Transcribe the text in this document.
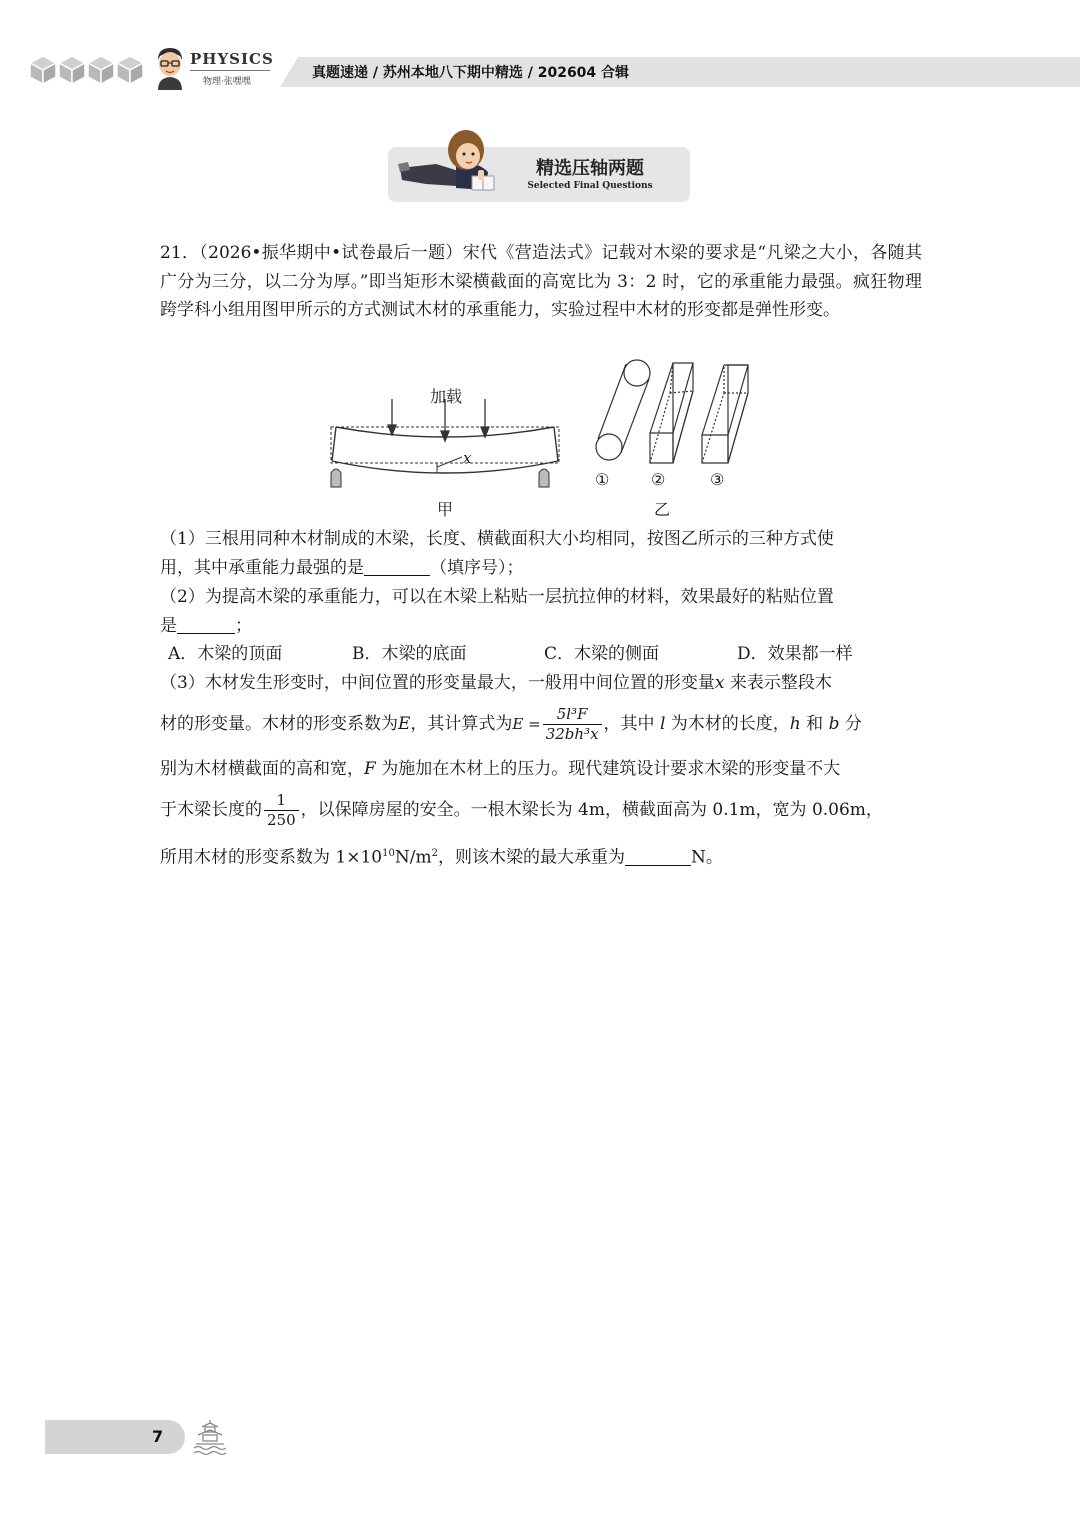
PHYSICS
物理·张嘿嘿
真题速递 / 苏州本地八下期中精选 / 202604 合辑
精选压轴两题
Selected Final Questions

21．（2026•振华期中•试卷最后一题）宋代《营造法式》记载对木梁的要求是“凡梁之大小，各随其广分为三分，以二分为厚。”即当矩形木梁横截面的高宽比为 3：2 时，它的承重能力最强。疯狂物理跨学科小组用图甲所示的方式测试木材的承重能力，实验过程中木材的形变都是弹性形变。

加载
x
①	②	③
甲	乙
（1）三根用同种木材制成的木梁，长度、横截面积大小均相同，按图乙所示的三种方式使
用，其中承重能力最强的是	（填序号）；
（2）为提高木梁的承重能力，可以在木梁上粘贴一层抗拉伸的材料，效果最好的粘贴位置
是	；
A．木梁的顶面	B．木梁的底面	C．木梁的侧面	D．效果都一样
（3）木材发生形变时，中间位置的形变量最大，一般用中间位置的形变量x 来表示整段木
材的形变量。木材的形变系数为E，其计算式为$E = \frac{\text{5l³F}}{\text{32bh³x}}$ ，其中 l 为木材的长度，h 和 b 分
别为木材横截面的高和宽，F 为施加在木材上的压力。现代建筑设计要求木梁的形变量不大
于木梁长度的 $\frac{1}{250}$ ，以保障房屋的安全。一根木梁长为 4m，横截面高为 0.1m，宽为 0.06m，
所用木材的形变系数为 $1\times 10^{10}N/m^2$，则该木梁的最大承重为	N。
7
